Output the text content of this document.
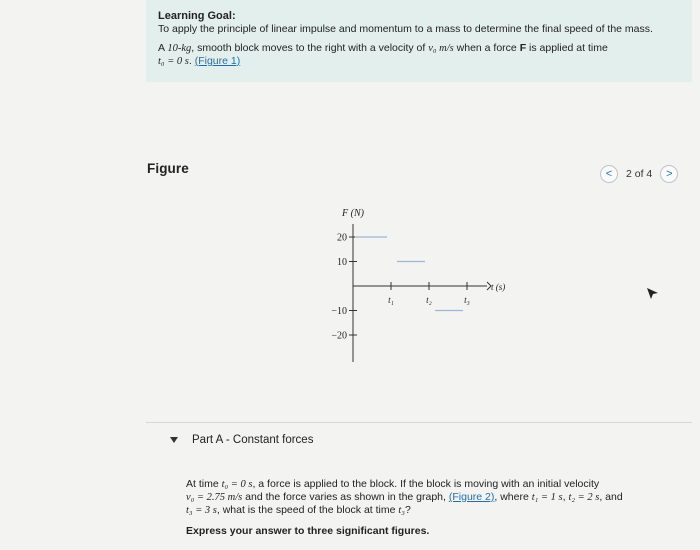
Learning Goal:

To apply the principle of linear impulse and momentum to a mass to determine the final speed of the mass.

A 10-kg, smooth block moves to the right with a velocity of v₀ m/s when a force F is applied at time
t₀ = 0 s. (Figure 1)
Figure	< 2 of 4 >
F (N)
t (s)
20
10
−10
−20
t₁	t₂	t₃
Part A - Constant forces

At time t₀ = 0 s, a force is applied to the block. If the block is moving with an initial velocity
v₀ = 2.75 m/s and the force varies as shown in the graph, (Figure 2), where t₁ = 1 s, t₂ = 2 s, and
t₃ = 3 s, what is the speed of the block at time t₃?

Express your answer to three significant figures.
